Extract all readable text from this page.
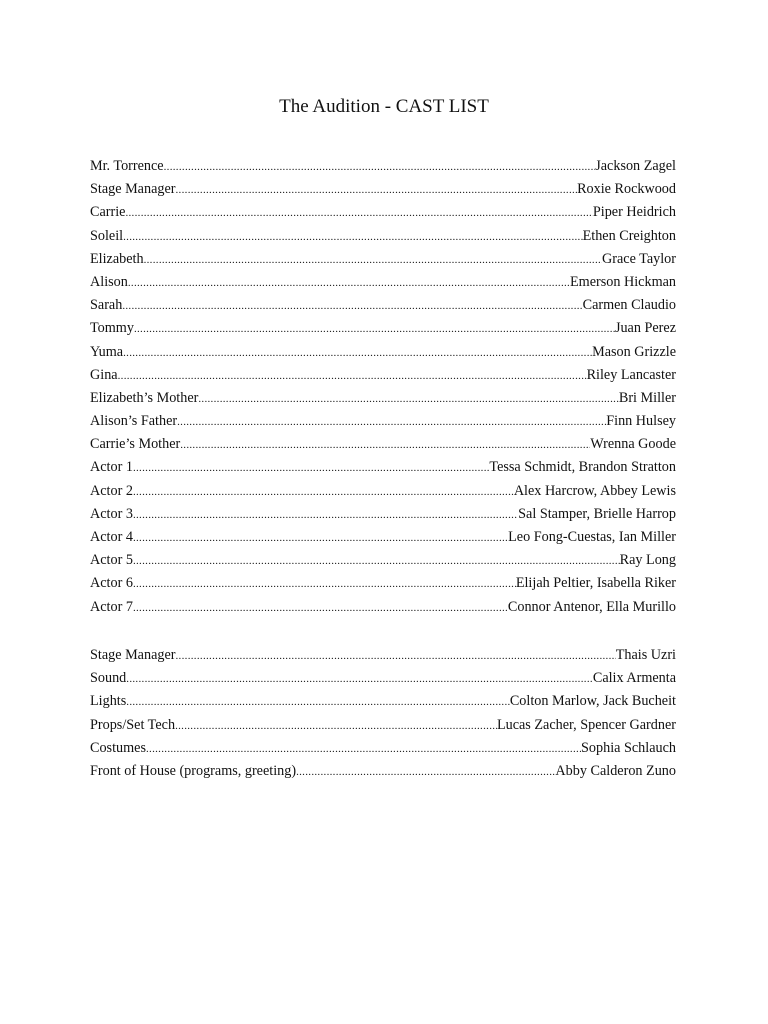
The Audition - CAST LIST
Mr. Torrence .....	Jackson Zagel
Stage Manager .....	Roxie Rockwood
Carrie .....	Piper Heidrich
Soleil .....	Ethen Creighton
Elizabeth .....	Grace Taylor
Alison .....	Emerson Hickman
Sarah .....	Carmen Claudio
Tommy .....	Juan Perez
Yuma .....	Mason Grizzle
Gina .....	Riley Lancaster
Elizabeth’s Mother .....	Bri Miller
Alison’s Father .....	Finn Hulsey
Carrie’s Mother .....	Wrenna Goode
Actor 1 .....	Tessa Schmidt, Brandon Stratton
Actor 2 .....	Alex Harcrow, Abbey Lewis
Actor 3 .....	Sal Stamper, Brielle Harrop
Actor 4 .....	Leo Fong-Cuestas, Ian Miller
Actor 5 .....	Ray Long
Actor 6 .....	Elijah Peltier, Isabella Riker
Actor 7 .....	Connor Antenor, Ella Murillo
Stage Manager .....	Thais Uzri
Sound .....	Calix Armenta
Lights .....	Colton Marlow, Jack Bucheit
Props/Set Tech .....	Lucas Zacher, Spencer Gardner
Costumes .....	Sophia Schlauch
Front of House (programs, greeting) .....	Abby Calderon Zuno
